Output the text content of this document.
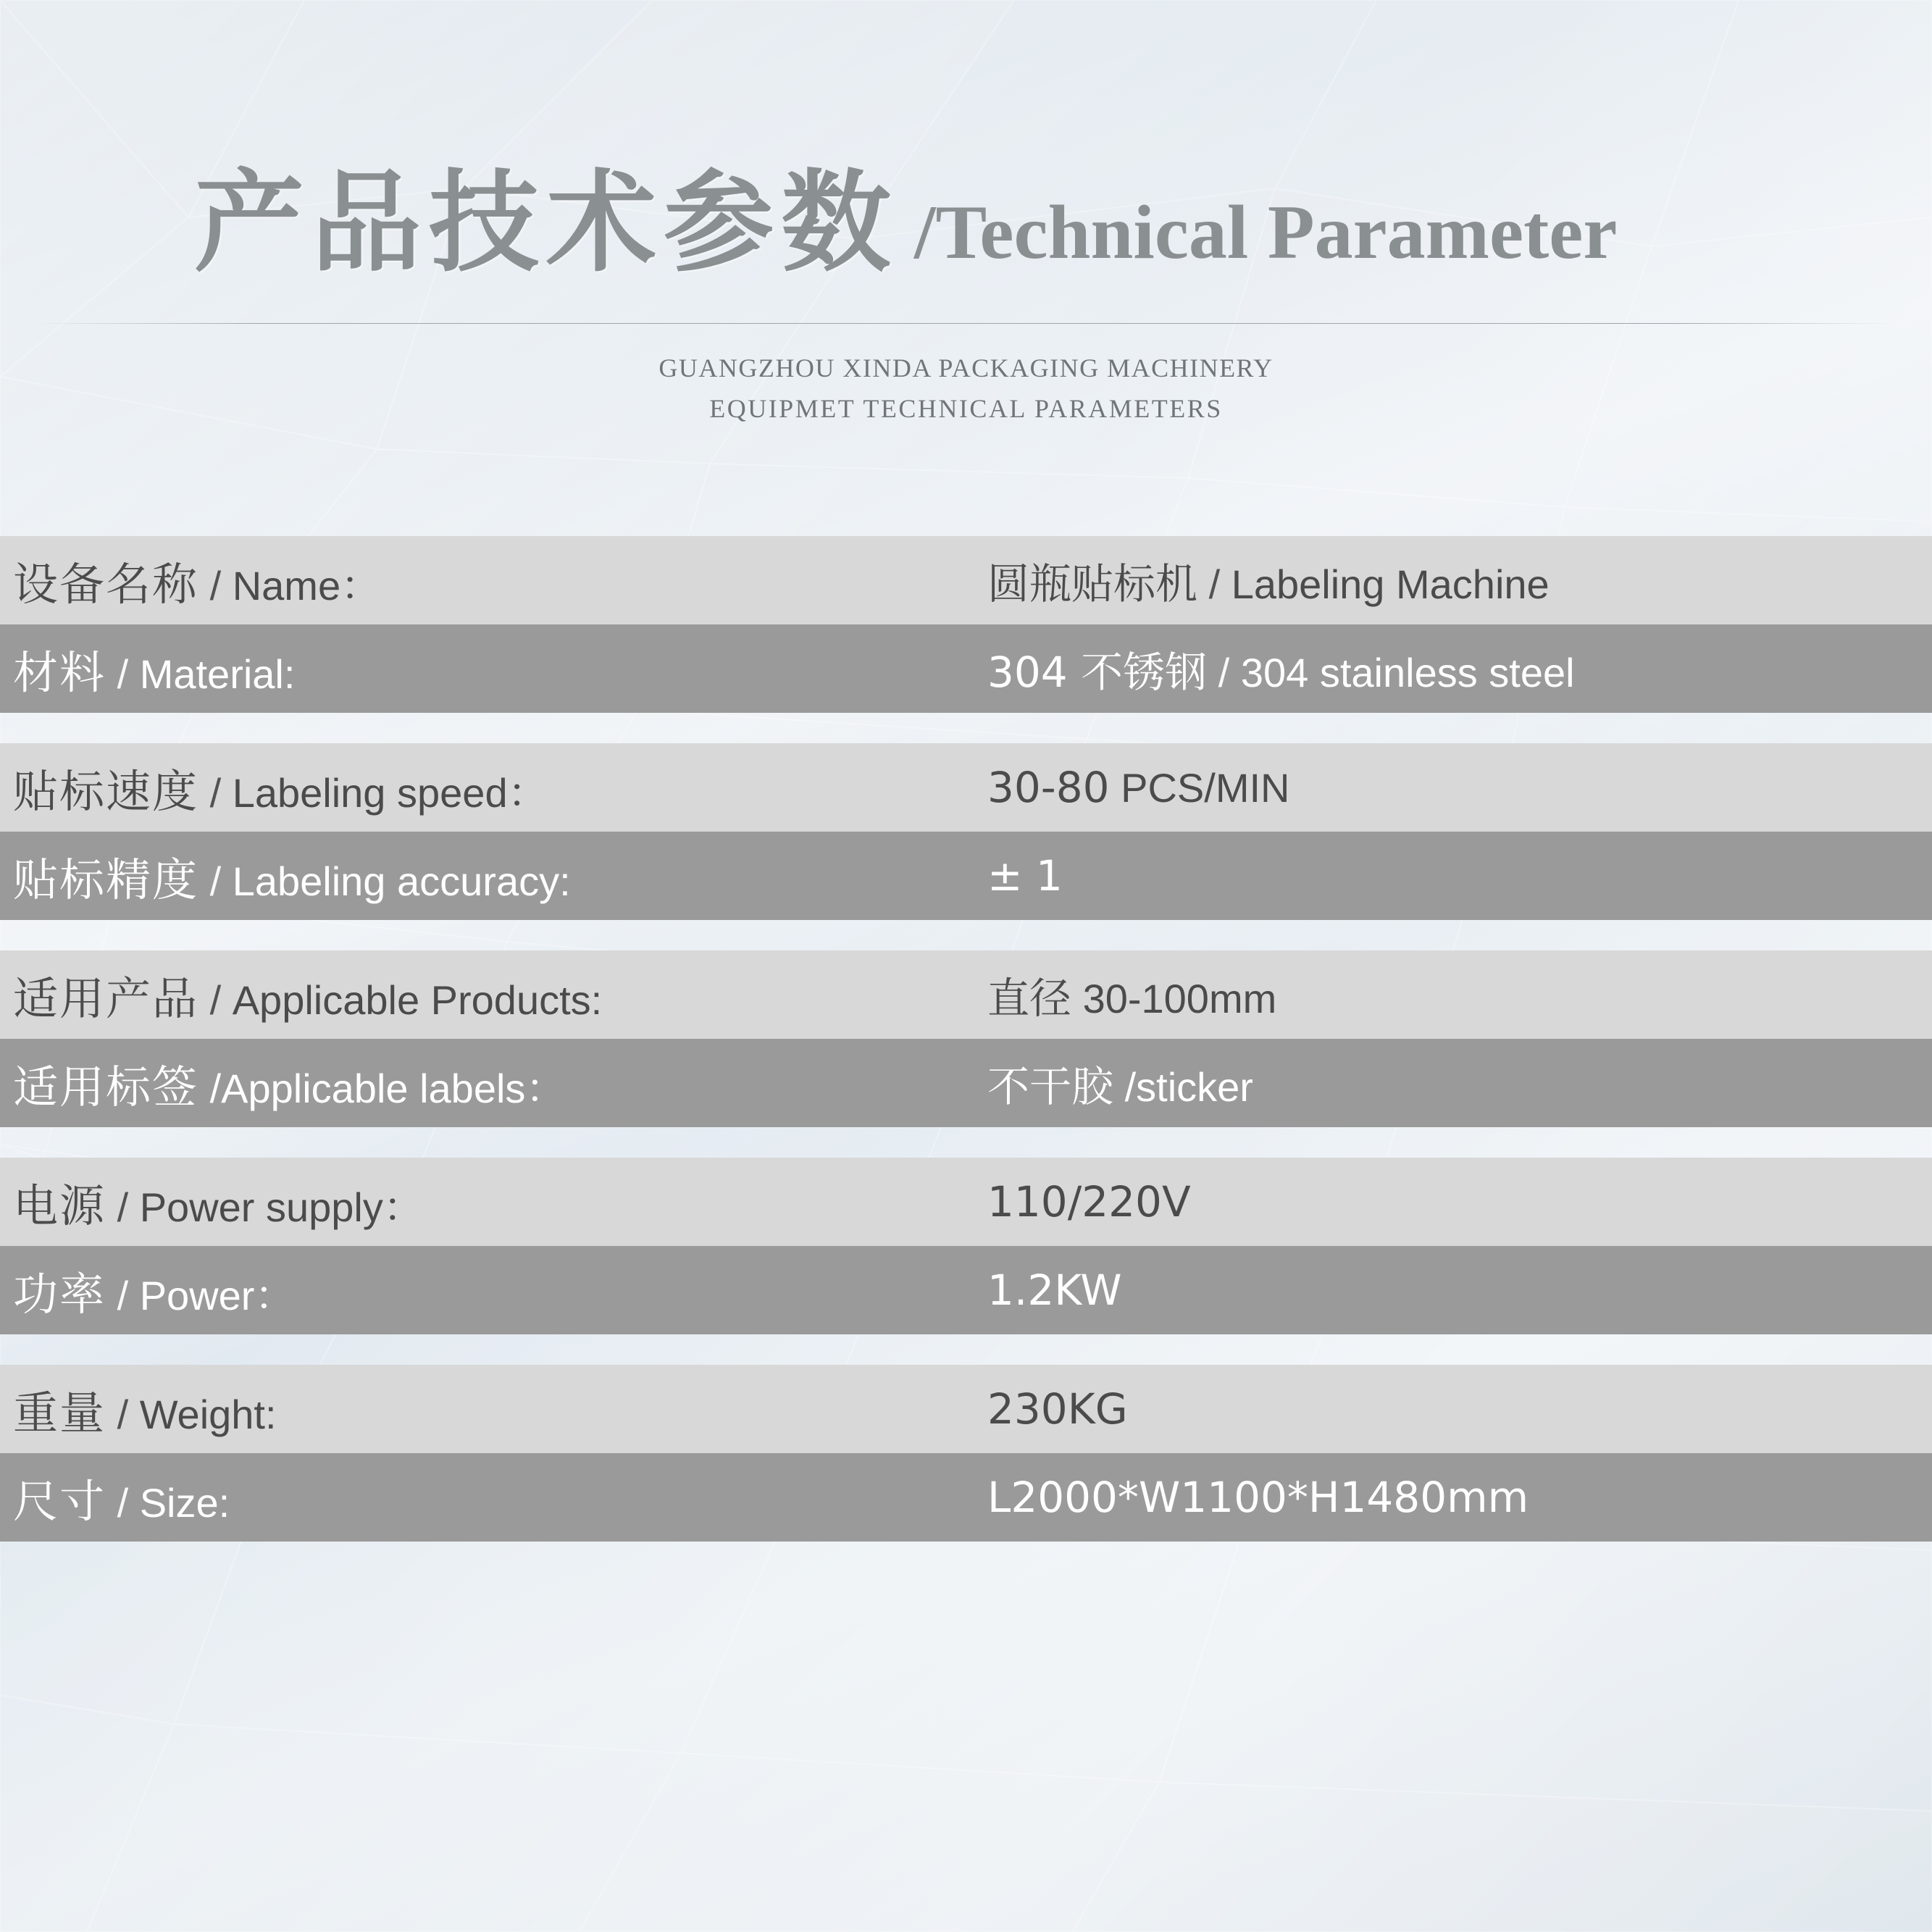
产品技术参数 /Technical Parameter
GUANGZHOU XINDA PACKAGING MACHINERY
EQUIPMET TECHNICAL PARAMETERS
设备名称 / Name：	圆瓶贴标机 / Labeling Machine
材料 / Material:	304 不锈钢 / 304 stainless steel
贴标速度 / Labeling speed：	30-80 PCS/MIN
贴标精度 / Labeling accuracy:	± 1
适用产品 / Applicable Products:	直径 30-100mm
适用标签 /Applicable labels：	不干胶 /sticker
电源 / Power supply：	110/220V
功率 / Power：	1.2KW
重量 / Weight:	230KG
尺寸 / Size:	L2000*W1100*H1480mm
